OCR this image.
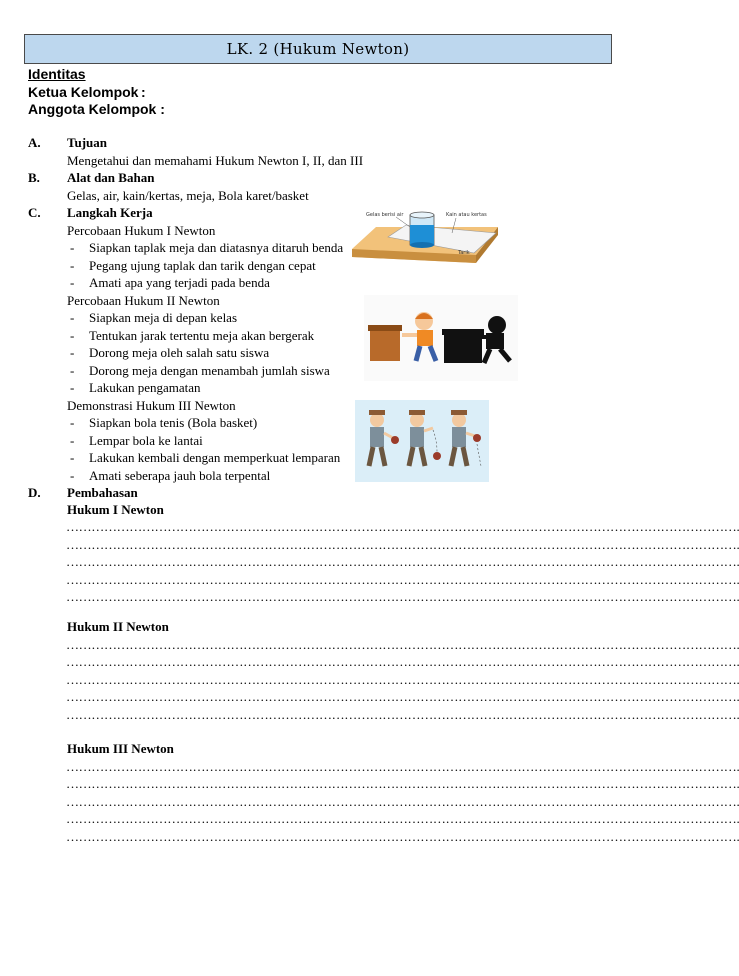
LK. 2 (Hukum Newton)
Identitas
Ketua Kelompok :
Anggota Kelompok :
A. Tujuan
Mengetahui dan memahami Hukum Newton I, II, dan III
B. Alat dan Bahan
Gelas, air, kain/kertas, meja, Bola karet/basket
C. Langkah Kerja
Percobaan Hukum I Newton
- Siapkan taplak meja dan diatasnya ditaruh benda
- Pegang ujung taplak dan tarik dengan cepat
- Amati apa yang terjadi pada benda
Percobaan Hukum II Newton
- Siapkan meja di depan kelas
- Tentukan jarak tertentu meja akan bergerak
- Dorong meja oleh salah satu siswa
- Dorong meja dengan menambah jumlah siswa
- Lakukan pengamatan
Demonstrasi Hukum III Newton
- Siapkan bola tenis (Bola basket)
- Lempar bola ke lantai
- Lakukan kembali dengan memperkuat lemparan
- Amati seberapa jauh bola terpental
D. Pembahasan
Hukum I Newton
…………………………………………………………………………………………………………………………………………….
…………………………………………………………………………………………………………………………………………….
…………………………………………………………………………………………………………………………………………….
…………………………………………………………………………………………………………………………………………….
…………………………………………………………………………………………………………………………………………….
Hukum II Newton
…………………………………………………………………………………………………………………………………………….
…………………………………………………………………………………………………………………………………………….
…………………………………………………………………………………………………………………………………………….
…………………………………………………………………………………………………………………………………………….
…………………………………………………………………………………………………………………………………………….
Hukum III Newton
…………………………………………………………………………………………………………………………………………….
…………………………………………………………………………………………………………………………………………….
…………………………………………………………………………………………………………………………………………….
…………………………………………………………………………………………………………………………………………….
…………………………………………………………………………………………………………………………………………….
Gelas berisi air	Kain atau kertas
Tarik
